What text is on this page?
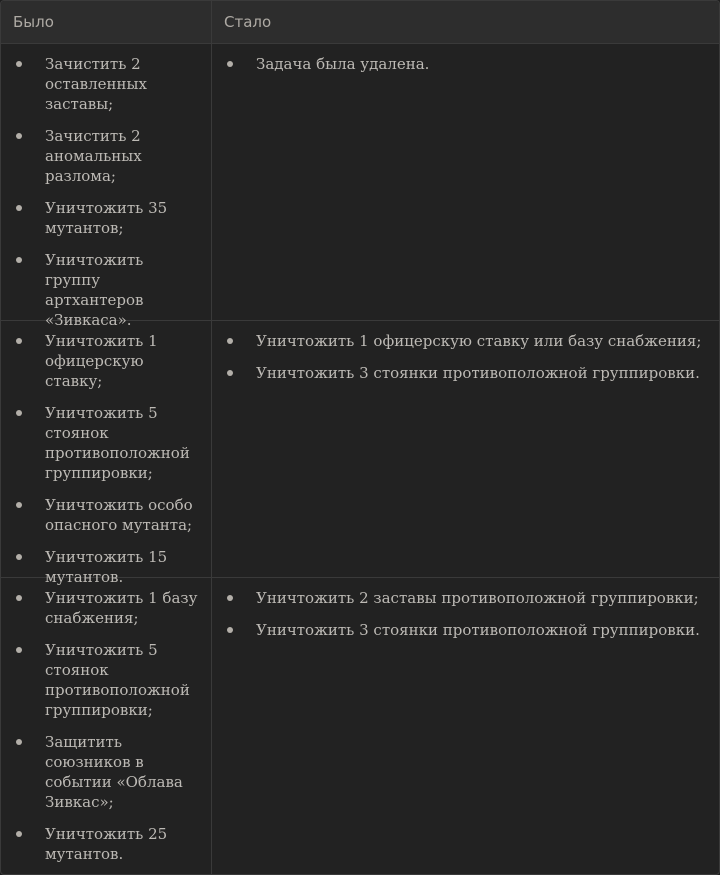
Было	Стало
Зачистить 2 оставленных заставы;
Зачистить 2 аномальных разлома;
Уничтожить 35 мутантов;
Уничтожить группу артхантеров «Зивкаса».
Задача была удалена.
Уничтожить 1 офицерскую ставку;
Уничтожить 5 стоянок противоположной группировки;
Уничтожить особо опасного мутанта;
Уничтожить 15 мутантов.
Уничтожить 1 офицерскую ставку или базу снабжения;
Уничтожить 3 стоянки противоположной группировки.
Уничтожить 1 базу снабжения;
Уничтожить 5 стоянок противоположной группировки;
Защитить союзников в событии «Облава Зивкас»;
Уничтожить 25 мутантов.
Уничтожить 2 заставы противоположной группировки;
Уничтожить 3 стоянки противоположной группировки.
